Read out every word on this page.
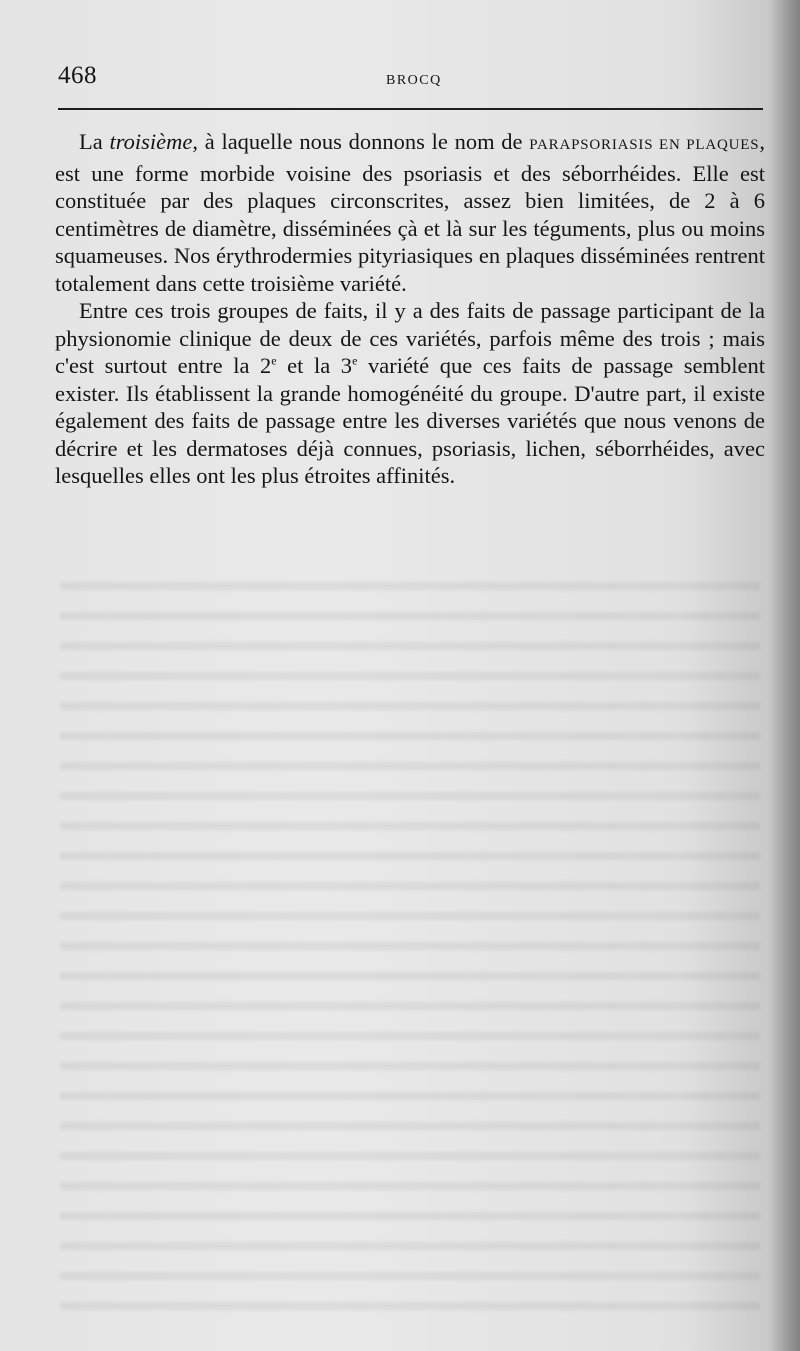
468	BROCQ

La troisième, à laquelle nous donnons le nom de PARAPSORIASIS EN PLAQUES, est une forme morbide voisine des psoriasis et des séborrhéides. Elle est constituée par des plaques circonscrites, assez bien limitées, de 2 à 6 centimètres de diamètre, disséminées çà et là sur les téguments, plus ou moins squameuses. Nos érythrodermies pityriasiques en plaques disséminées rentrent totalement dans cette troisième variété.

Entre ces trois groupes de faits, il y a des faits de passage participant de la physionomie clinique de deux de ces variétés, parfois même des trois ; mais c'est surtout entre la 2e et la 3e variété que ces faits de passage semblent exister. Ils établissent la grande homogénéité du groupe. D'autre part, il existe également des faits de passage entre les diverses variétés que nous venons de décrire et les dermatoses déjà connues, psoriasis, lichen, séborrhéides, avec lesquelles elles ont les plus étroites affinités.
